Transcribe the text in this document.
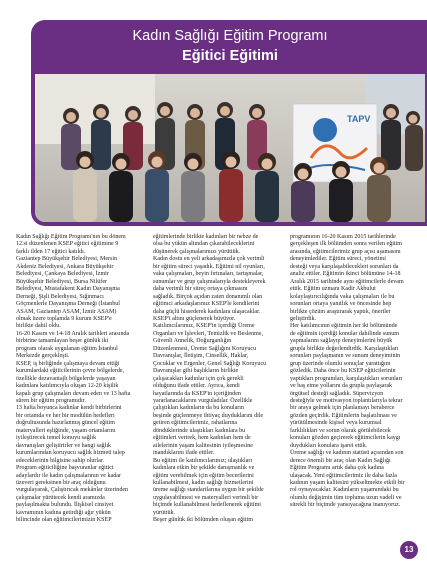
Kadın Sağlığı Eğitim Programı
Eğitici Eğitimi
TAPV

Kadın Sağlığı Eğitim Programı'nın bu dönem

12.si düzenlenen KSEP eğitici eğitimine 9

farklı ilden 17 eğitici katıldı.

Gaziantep Büyükşehir Belediyesi, Mersin

Akdeniz Belediyesi, Ankara Büyükşehir

Belediyesi, Çankaya Belediyesi, İzmir

Büyükşehir Belediyesi, Bursa Nilüfer

Belediyesi, Mustafakent Kadın Dayanışma

Derneği, Şişli Belediyesi, Sığınmacı

Göçmenlerle Dayanışma Derneği (İstanbul

ASAM, Gaziantep ASAM, İzmir ASAM)

olmak üzere toplamda 9 kurum KSEP'e

birlikte dahil oldu.

16-20 Kasım ve 14-18 Aralık tarihleri arasında

birbirine tamamlayan beşer günlük iki

program olarak uygulanan eğitim İstanbul

Merkezde gerçekleşti.

KSEP, iş birliğinde çalışmaya devam ettiği

kurumlardaki eğiticilerinin çevre bölgelerde,

özellikle dezavantajlı bölgelerde yaşayan

kadınlara katılımcıyla oluşan 12-20 kişilik

kapalı grup çalışmaları devam eden ve 13 hafta

süren bir eğitim programıdır.

13 hafta boyunca kadınlar kendi birbirlerini

bir ortamda ve her bir modülün hedefleri

doğrultusunda hazırlanmış güncel eğitim

materyalleri eşliğinde, yaşam ortamlarını

iyileştirecek temel konuyu sağlık

davranışları geliştirirler ve hangi sağlık

kurumlarından koruyucu sağlık hizmeti talep

edeceklerinin bilgisine sahip olurlar.

Program eğiticiliğine başvuranlar eğitici

adaylardır ile kadın çalışmalarının ve kadar

üzeveri gereksinen bir araç olduğunu

vurgulayarak, Çalıştırıcak mekânlar üzerinden

çalışmalar yürütecek kendi aramızda

paylaşılmakta bulundu. İlişkisel cinsiyet

kavramının kadına getirdiği ağır yükün

bilincinde olan eğitimcilerimizin KSEP

eğitimlerinde birlikte kadınları bir nebze de

olsa bu yükün altından çıkarabileceklerini

düşünerek çalışmalarımızı yürüttük.

Kadın dostu en yeli arkadaşımızla çok verimli

bir eğitim süreci yaşadık. Eğitimi nil oyunları,

vaka çalışmaları, beyin fırtınaları, tartışmalar,

sunumlar ve grup çalışmalarıyla destekleyerek

daha verimli bir süreç ortaya çıkmasını

sağladık. Birçok açıdan zaten donanımlı olan

eğitimci arkadaşlarımız KSEP'le kendilerini

daha güçlü hissederek kadınlara ulaşacaklar.

KSEP'i altını güçlenerek büyüyor.

Katılımcılarımız, KSEP'in içerdiği Üreme

Organları ve İşlevleri, Temizlik ve Beslenme,

Güvenli Annelik, Doğurganlığın

Düzenlenmesi, Üreme Sağlığını Koruyucu

Davranışlar, İletişim, Cinsellik, Haklar,

Çocuklar ve Ergenler, Genel Sağlığı Koruyucu

Davranışlar gibi başlıkların birlikte

çalışacakları kadınlar için çok gerekli

olduğunu ifade ettiler. Ayrıca, kendi

hayatlarında da KSEP'in içeriğinden

yararlanacaklarını vurguladılar. Özellikle

çalıştıkları kadınların da bu konuların

beşinde güçlenmeye ihtiyaç duyduklarını dile

getiren eğitimcilerimiz, rahatlarına

döndüklerinde ulaştıkları kadınlara bu

eğitimleri verirek, hem kadınları hem de

ailelerinin yaşam kalitesinin iyileşmesine

inandıklarını ifade ettiler.

Bu eğitim ile katılımcılarımız; ulaştıkları

kadınlara etkin bir şekilde danışmanlık ve

eğitim verebilmek için eğitim becerilerini

kullanabilmesi, kadın sağlığı hizmetlerini

üreme sağlığı standartlarına uygun bir şekilde

uygulayabilmesi ve materyalleri verimli bir

biçimde kullanabilmesi hedeflenerek eğitimi

yürüttük.

Beşer günlük iki bölümden oluşan eğitim

programının 16-20 Kasım 2015 tarihlerinde

gerçekleşen ilk bölümden sonra verilen eğitim

arasında, eğitimcilerimiz grup açısı aşamasını

deneyimlediler. Eğitim süreci, yönetimi

desteği veya karşılaşabilecekleri sorunları da

analiz ettiler. Eğitimin ikinci bölümüne 14-18

Aralık 2015 tarihinde aynı eğitimcilerle devam

ettik. Eğitim uzmanı Kadir Akbulut

kolaylaştırıcılığında vaka çalışmaları ile bu

sorunları ortaya yanıtlık ve öncesinde hep

birlikte çözüm araştırarak yaptık, öneriler

geliştirdik.

Her katılımcının eğitimin her iki bölümünde

de eğitimin içerdiği konular dahilinde sunum

yapmalarını sağlayıp deneyimlerini büyük

grupla birlikte değerlendirdik. Karşılaştıkları

sorunları paylaşmanın ve sunum deneyiminin

grup üzerinde olumlu sonuçlar yarattığını

gözledik. Daha önce bu KSEP eğiticilerinin

yaptıkları programları, karşılaştıkları sorunları

ve baş etme yollarını da grupla paylaşarak

örgütsel desteği sağladık. Süpervizyon

desteğiyle ve motivasyon toplantılarıyla tekrar

bir araya gelmek için planlamayı beraberce

gözden geçirdik. Eğitimlerin başlatılması ve

yürütülmesinde kişisel veya kurumsal

farklılıkları ve sorun olarak görülebilecek

konuları gözden geçirerek eğitimcilerin kaygı

duydukları konulara işaret ettik.

Üreme sağlığı ve kadının statüsü açısından son

derece önemli bir araç olan Kadın Sağlığı

Eğitim Programı artık daha çok kadına

ulaşacak. Yeni eğitimcilerimiz ile daha fazla

kadının yaşam kalitesini yükseltmekte etkili bir

rol oynayacaklar. Kadınların yaşamındaki bu

olumlu değişimin tüm topluma uzun vadeli ve

sürekli bir biçimde yansıyacağına inanıyoruz.

13
